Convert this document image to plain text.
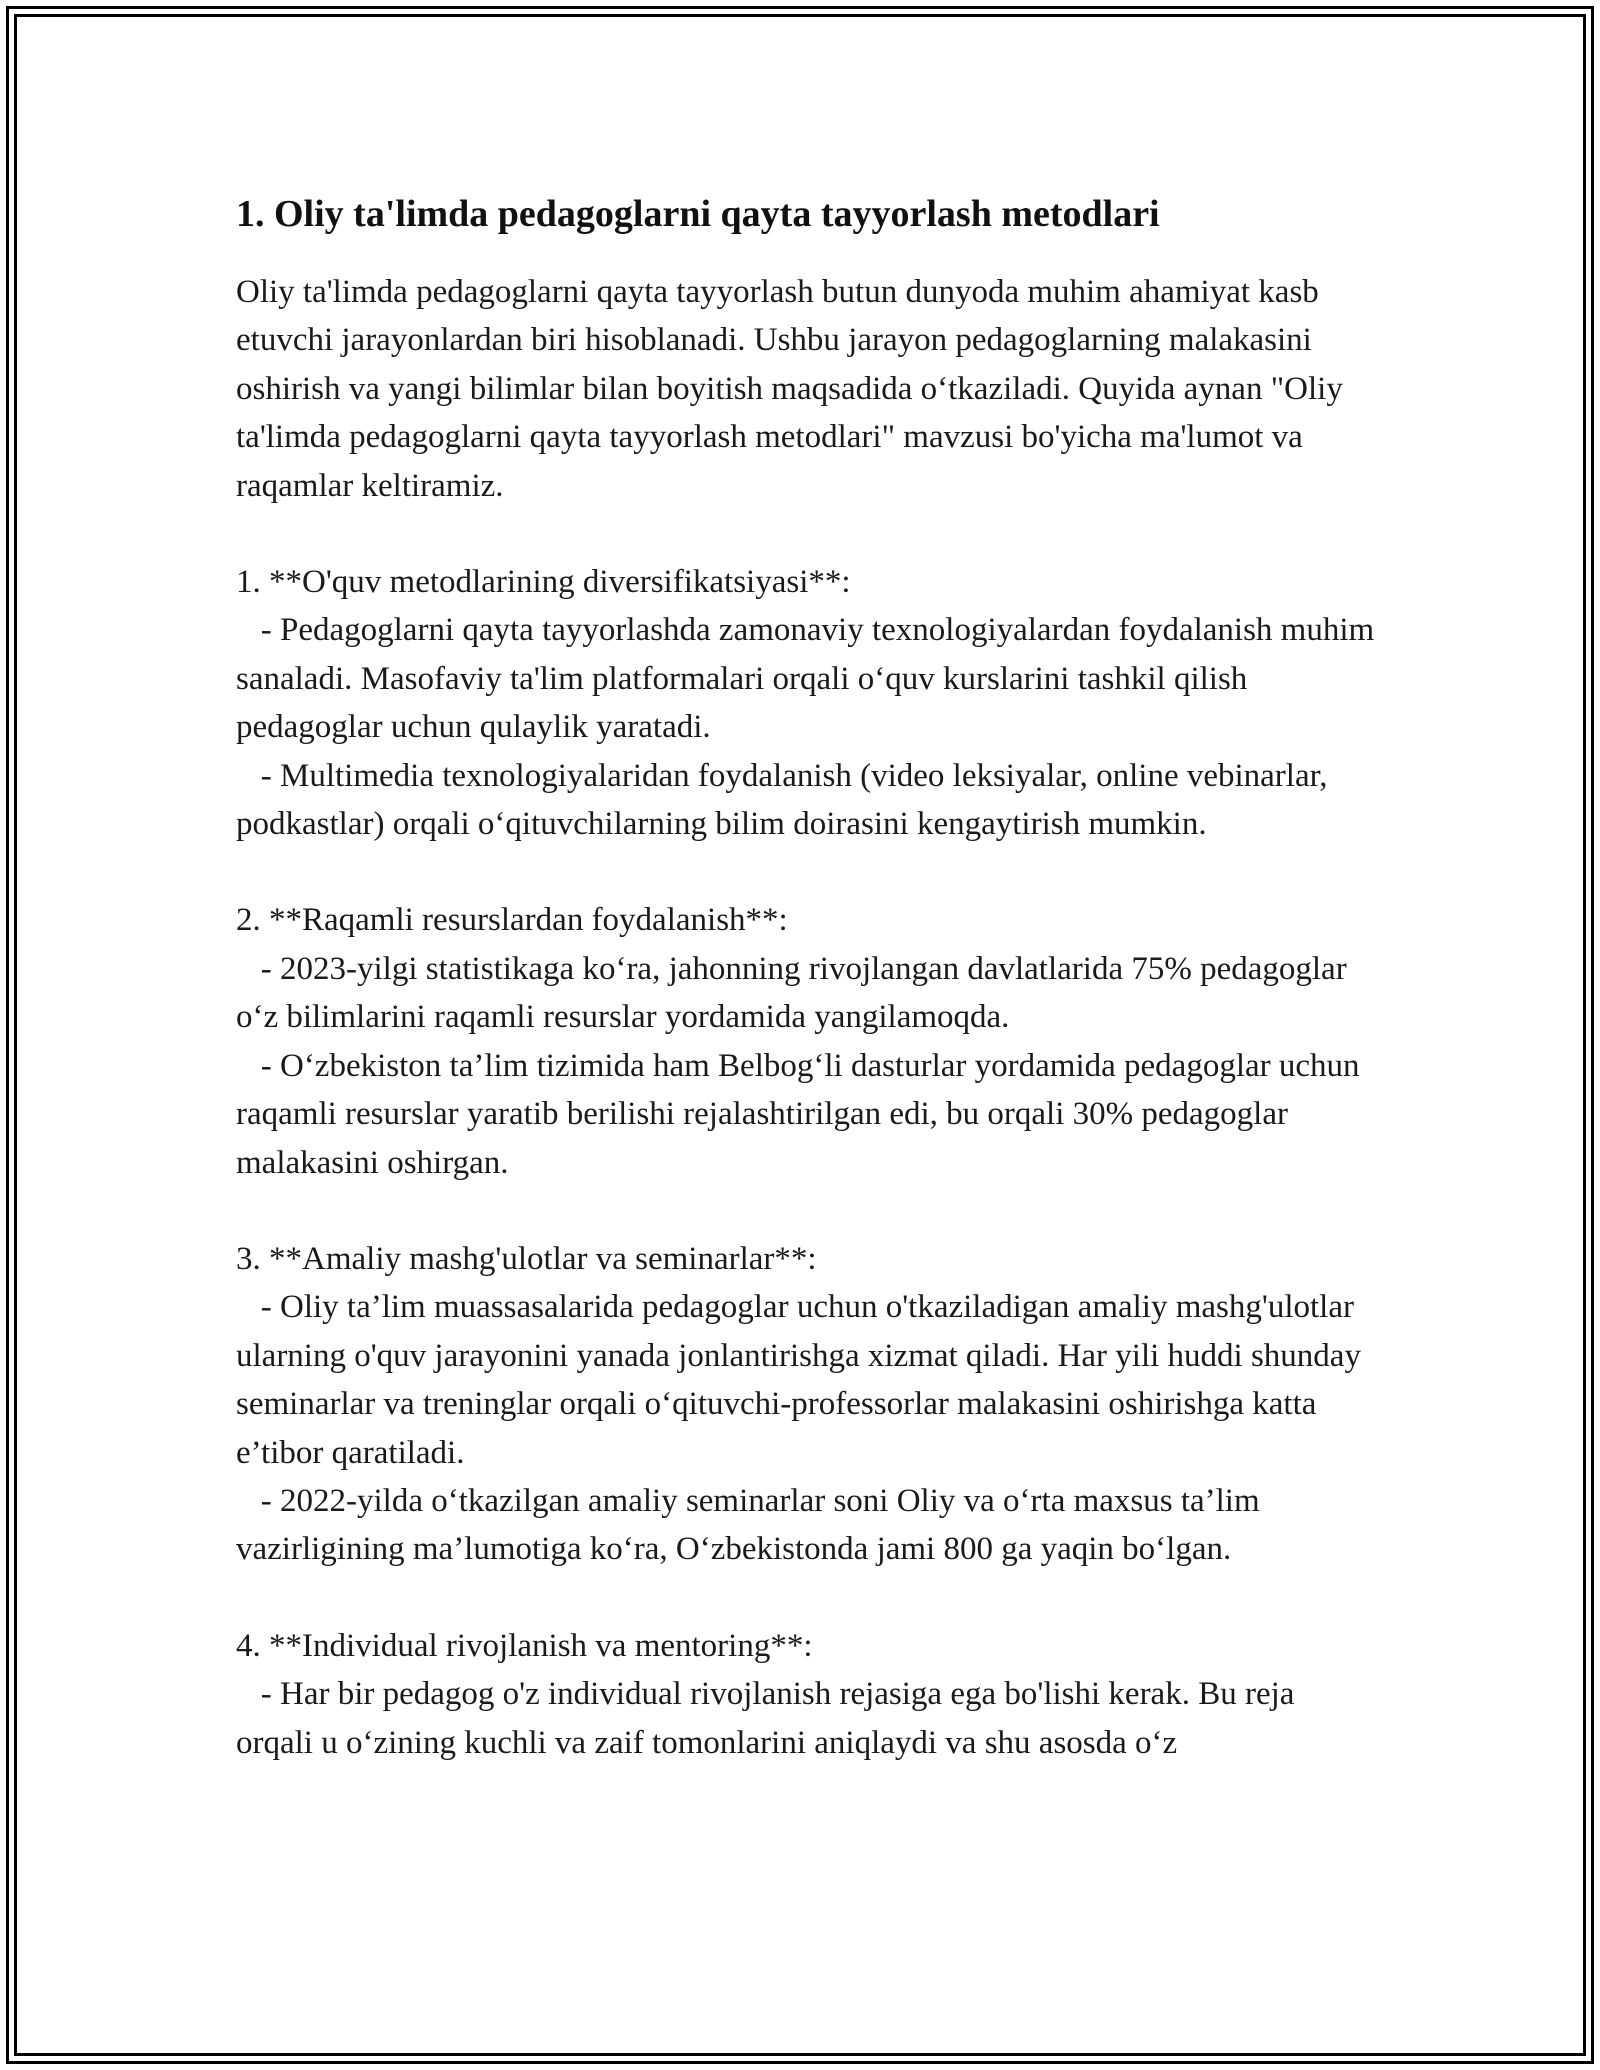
1. Oliy ta'limda pedagoglarni qayta tayyorlash metodlari

Oliy ta'limda pedagoglarni qayta tayyorlash butun dunyoda muhim ahamiyat kasb etuvchi jarayonlardan biri hisoblanadi. Ushbu jarayon pedagoglarning malakasini oshirish va yangi bilimlar bilan boyitish maqsadida o‘tkaziladi. Quyida aynan "Oliy ta'limda pedagoglarni qayta tayyorlash metodlari" mavzusi bo'yicha ma'lumot va raqamlar keltiramiz.

1. **O'quv metodlarining diversifikatsiyasi**:

- Pedagoglarni qayta tayyorlashda zamonaviy texnologiyalardan foydalanish muhim sanaladi. Masofaviy ta'lim platformalari orqali o‘quv kurslarini tashkil qilish pedagoglar uchun qulaylik yaratadi.

- Multimedia texnologiyalaridan foydalanish (video leksiyalar, online vebinarlar, podkastlar) orqali o‘qituvchilarning bilim doirasini kengaytirish mumkin.

2. **Raqamli resurslardan foydalanish**:

- 2023-yilgi statistikaga ko‘ra, jahonning rivojlangan davlatlarida 75% pedagoglar o‘z bilimlarini raqamli resurslar yordamida yangilamoqda.

- O‘zbekiston ta’lim tizimida ham Belbog‘li dasturlar yordamida pedagoglar uchun raqamli resurslar yaratib berilishi rejalashtirilgan edi, bu orqali 30% pedagoglar malakasini oshirgan.

3. **Amaliy mashg'ulotlar va seminarlar**:

- Oliy ta’lim muassasalarida pedagoglar uchun o'tkaziladigan amaliy mashg'ulotlar ularning o'quv jarayonini yanada jonlantirishga xizmat qiladi. Har yili huddi shunday seminarlar va treninglar orqali o‘qituvchi-professorlar malakasini oshirishga katta e’tibor qaratiladi.

- 2022-yilda o‘tkazilgan amaliy seminarlar soni Oliy va o‘rta maxsus ta’lim vazirligining ma’lumotiga ko‘ra, O‘zbekistonda jami 800 ga yaqin bo‘lgan.

4. **Individual rivojlanish va mentoring**:

- Har bir pedagog o'z individual rivojlanish rejasiga ega bo'lishi kerak. Bu reja orqali u o‘zining kuchli va zaif tomonlarini aniqlaydi va shu asosda o‘z
